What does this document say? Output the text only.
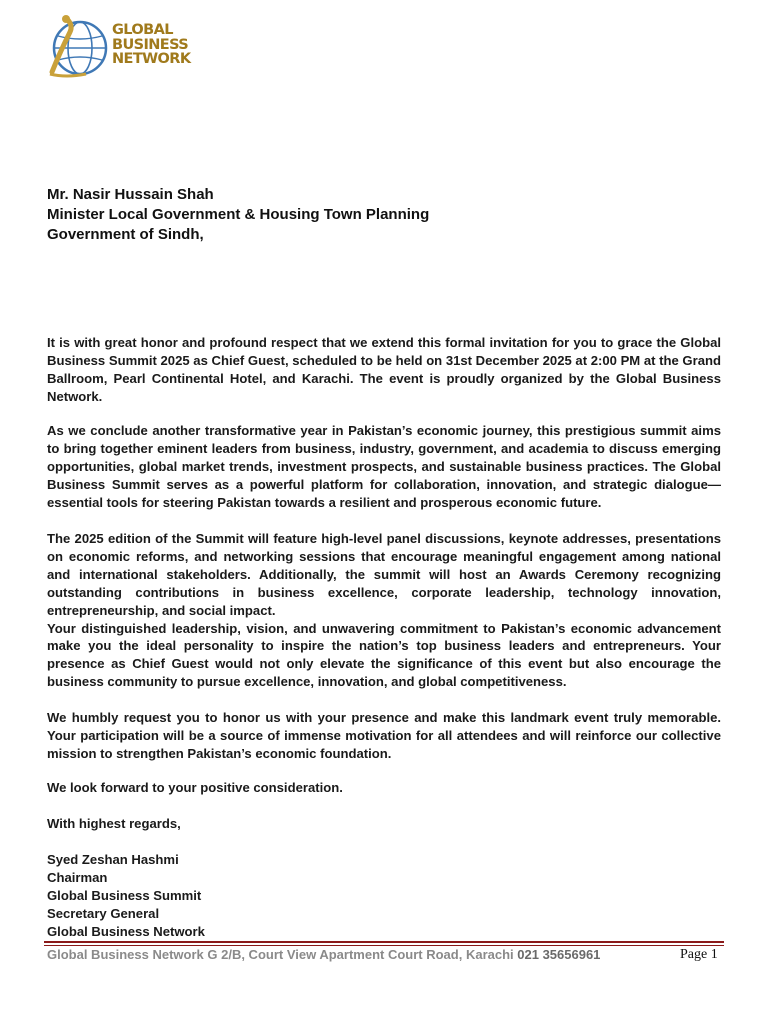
GLOBAL
BUSINESS
NETWORK
Mr. Nasir Hussain Shah
Minister Local Government & Housing Town Planning
Government of Sindh,
It is with great honor and profound respect that we extend this formal invitation for you to grace the Global Business Summit 2025 as Chief Guest, scheduled to be held on 31st December 2025 at 2:00 PM at the Grand Ballroom, Pearl Continental Hotel, and Karachi. The event is proudly organized by the Global Business Network.
As we conclude another transformative year in Pakistan’s economic journey, this prestigious summit aims to bring together eminent leaders from business, industry, government, and academia to discuss emerging opportunities, global market trends, investment prospects, and sustainable business practices. The Global Business Summit serves as a powerful platform for collaboration, innovation, and strategic dialogue—essential tools for steering Pakistan towards a resilient and prosperous economic future.
The 2025 edition of the Summit will feature high-level panel discussions, keynote addresses, presentations on economic reforms, and networking sessions that encourage meaningful engagement among national and international stakeholders. Additionally, the summit will host an Awards Ceremony recognizing outstanding contributions in business excellence, corporate leadership, technology innovation, entrepreneurship, and social impact.
Your distinguished leadership, vision, and unwavering commitment to Pakistan’s economic advancement make you the ideal personality to inspire the nation’s top business leaders and entrepreneurs. Your presence as Chief Guest would not only elevate the significance of this event but also encourage the business community to pursue excellence, innovation, and global competitiveness.
We humbly request you to honor us with your presence and make this landmark event truly memorable. Your participation will be a source of immense motivation for all attendees and will reinforce our collective mission to strengthen Pakistan’s economic foundation.
We look forward to your positive consideration.
With highest regards,
Syed Zeshan Hashmi
Chairman
Global Business Summit
Secretary General
Global Business Network
Global Business Network G 2/B, Court View Apartment Court Road, Karachi 021 35656961	Page 1
